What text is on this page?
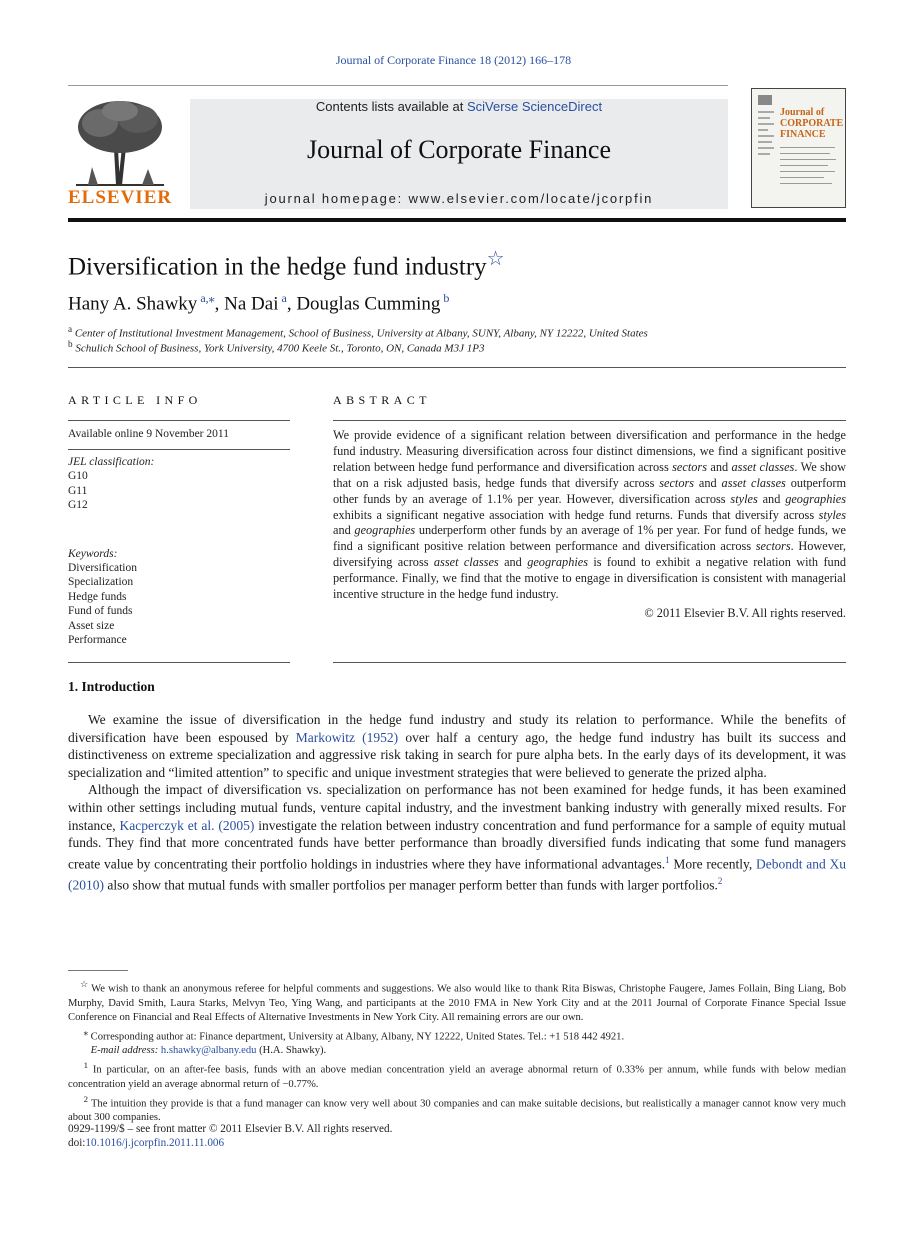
Journal of Corporate Finance 18 (2012) 166–178
ELSEVIER
Contents lists available at SciVerse ScienceDirect
Journal of Corporate Finance
journal homepage: www.elsevier.com/locate/jcorpfin
Journal of CORPORATE FINANCE
Diversification in the hedge fund industry☆
Hany A. Shawky $^{a,⁎}$, Na Dai $^a$, Douglas Cumming $^b$
$^a$ Center of Institutional Investment Management, School of Business, University at Albany, SUNY, Albany, NY 12222, United States
$^b$ Schulich School of Business, York University, 4700 Keele St., Toronto, ON, Canada M3J 1P3
ARTICLE INFO	ABSTRACT
Available online 9 November 2011
JEL classification:
G10
G11
G12
Keywords:
Diversification
Specialization
Hedge funds
Fund of funds
Asset size
Performance

We provide evidence of a significant relation between diversification and performance in the hedge fund industry. Measuring diversification across four distinct dimensions, we find a significant positive relation between hedge fund performance and diversification across sectors and asset classes. We show that on a risk adjusted basis, hedge funds that diversify across sectors and asset classes outperform other funds by an average of 1.1% per year. However, diversification across styles and geographies exhibits a significant negative association with hedge fund returns. Funds that diversify across styles and geographies underperform other funds by an average of 1% per year. For fund of hedge funds, we find a significant positive relation between performance and diversification across sectors. However, diversifying across asset classes and geographies is found to exhibit a negative relation with fund performance. Finally, we find that the motive to engage in diversification is consistent with managerial incentive structure in the hedge fund industry.

© 2011 Elsevier B.V. All rights reserved.
1. Introduction

We examine the issue of diversification in the hedge fund industry and study its relation to performance. While the benefits of diversification have been espoused by Markowitz (1952) over half a century ago, the hedge fund industry has built its success and distinctiveness on extreme specialization and aggressive risk taking in search for pure alpha bets. In the early days of its development, it was specialization and “limited attention” to specific and unique investment strategies that were believed to generate the prized alpha.

Although the impact of diversification vs. specialization on performance has not been examined for hedge funds, it has been examined within other settings including mutual funds, venture capital industry, and the investment banking industry with generally mixed results. For instance, Kacperczyk et al. (2005) investigate the relation between industry concentration and fund performance for a sample of equity mutual funds. They find that more concentrated funds have better performance than broadly diversified funds indicating that some fund managers create value by concentrating their portfolio holdings in industries where they have informational advantages.$^1$ More recently, Debondt and Xu (2010) also show that mutual funds with smaller portfolios per manager perform better than funds with larger portfolios.$^2$

☆ We wish to thank an anonymous referee for helpful comments and suggestions. We also would like to thank Rita Biswas, Christophe Faugere, James Follain, Bing Liang, Bob Murphy, David Smith, Laura Starks, Melvyn Teo, Ying Wang, and participants at the 2010 FMA in New York City and at the 2011 Journal of Corporate Finance Special Issue Conference on Financial and Real Effects of Alternative Investments in New York City. All remaining errors are our own.

⁎ Corresponding author at: Finance department, University at Albany, Albany, NY 12222, United States. Tel.: +1 518 442 4921.

E-mail address: h.shawky@albany.edu (H.A. Shawky).

$^1$ In particular, on an after-fee basis, funds with an above median concentration yield an average abnormal return of 0.33% per annum, while funds with below median concentration yield an average abnormal return of −0.77%.

$^2$ The intuition they provide is that a fund manager can know very well about 30 companies and can make suitable decisions, but realistically a manager cannot know very much about 300 companies.

0929-1199/$ – see front matter © 2011 Elsevier B.V. All rights reserved.
doi:10.1016/j.jcorpfin.2011.11.006
